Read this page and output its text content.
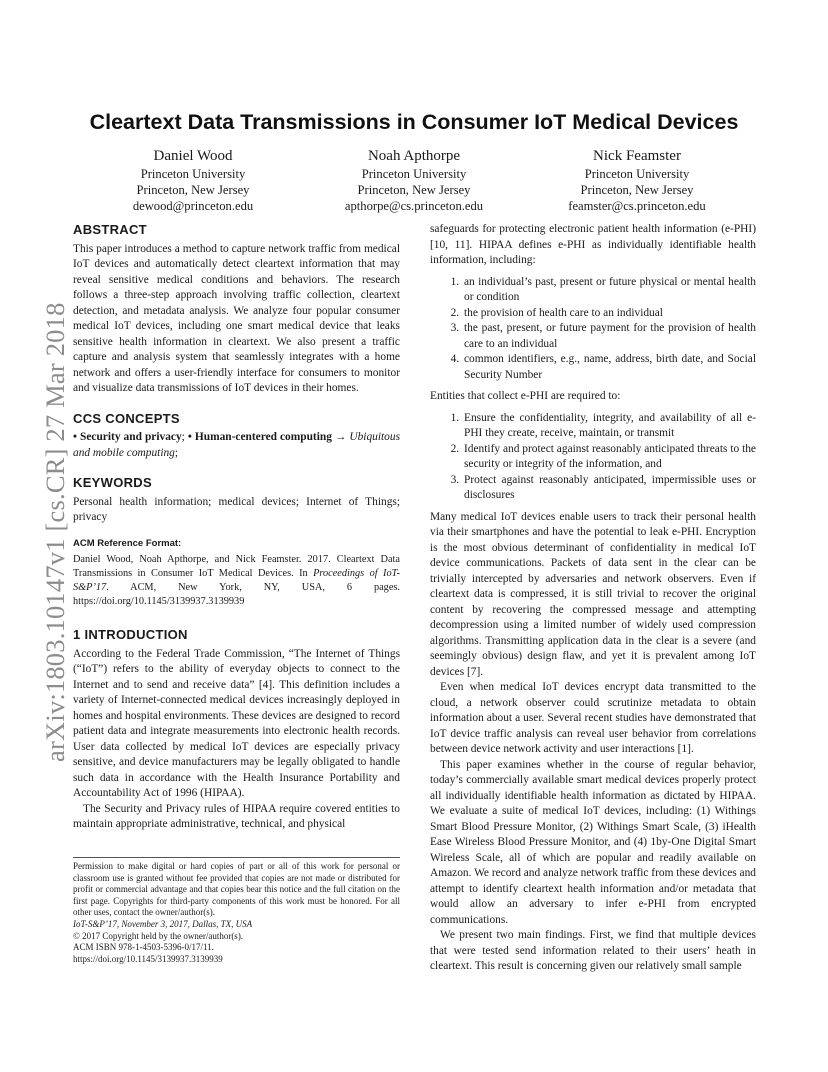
arXiv:1803.10147v1 [cs.CR] 27 Mar 2018
Cleartext Data Transmissions in Consumer IoT Medical Devices
Daniel Wood
Princeton University
Princeton, New Jersey
dewood@princeton.edu
Noah Apthorpe
Princeton University
Princeton, New Jersey
apthorpe@cs.princeton.edu
Nick Feamster
Princeton University
Princeton, New Jersey
feamster@cs.princeton.edu
ABSTRACT

This paper introduces a method to capture network traffic from medical IoT devices and automatically detect cleartext information that may reveal sensitive medical conditions and behaviors. The research follows a three-step approach involving traffic collection, cleartext detection, and metadata analysis. We analyze four popular consumer medical IoT devices, including one smart medical device that leaks sensitive health information in cleartext. We also present a traffic capture and analysis system that seamlessly integrates with a home network and offers a user-friendly interface for consumers to monitor and visualize data transmissions of IoT devices in their homes.

CCS CONCEPTS

• Security and privacy; • Human-centered computing → Ubiquitous and mobile computing;

KEYWORDS

Personal health information; medical devices; Internet of Things; privacy

ACM Reference Format:

Daniel Wood, Noah Apthorpe, and Nick Feamster. 2017. Cleartext Data Transmissions in Consumer IoT Medical Devices. In Proceedings of IoT-S&P’17. ACM, New York, NY, USA, 6 pages. https://doi.org/10.1145/3139937.3139939

1 INTRODUCTION

According to the Federal Trade Commission, “The Internet of Things (“IoT”) refers to the ability of everyday objects to connect to the Internet and to send and receive data” [4]. This definition includes a variety of Internet-connected medical devices increasingly deployed in homes and hospital environments. These devices are designed to record patient data and integrate measurements into electronic health records. User data collected by medical IoT devices are especially privacy sensitive, and device manufacturers may be legally obligated to handle such data in accordance with the Health Insurance Portability and Accountability Act of 1996 (HIPAA).

The Security and Privacy rules of HIPAA require covered entities to maintain appropriate administrative, technical, and physical

Permission to make digital or hard copies of part or all of this work for personal or classroom use is granted without fee provided that copies are not made or distributed for profit or commercial advantage and that copies bear this notice and the full citation on the first page. Copyrights for third-party components of this work must be honored. For all other uses, contact the owner/author(s).
IoT-S&P’17, November 3, 2017, Dallas, TX, USA
© 2017 Copyright held by the owner/author(s).
ACM ISBN 978-1-4503-5396-0/17/11.
https://doi.org/10.1145/3139937.3139939

safeguards for protecting electronic patient health information (e-PHI) [10, 11]. HIPAA defines e-PHI as individually identifiable health information, including:

1. an individual’s past, present or future physical or mental health or condition
2. the provision of health care to an individual
3. the past, present, or future payment for the provision of health care to an individual
4. common identifiers, e.g., name, address, birth date, and Social Security Number

Entities that collect e-PHI are required to:

1. Ensure the confidentiality, integrity, and availability of all e-PHI they create, receive, maintain, or transmit
2. Identify and protect against reasonably anticipated threats to the security or integrity of the information, and
3. Protect against reasonably anticipated, impermissible uses or disclosures

Many medical IoT devices enable users to track their personal health via their smartphones and have the potential to leak e-PHI. Encryption is the most obvious determinant of confidentiality in medical IoT device communications. Packets of data sent in the clear can be trivially intercepted by adversaries and network observers. Even if cleartext data is compressed, it is still trivial to recover the original content by recovering the compressed message and attempting decompression using a limited number of widely used compression algorithms. Transmitting application data in the clear is a severe (and seemingly obvious) design flaw, and yet it is prevalent among IoT devices [7].

Even when medical IoT devices encrypt data transmitted to the cloud, a network observer could scrutinize metadata to obtain information about a user. Several recent studies have demonstrated that IoT device traffic analysis can reveal user behavior from correlations between device network activity and user interactions [1].

This paper examines whether in the course of regular behavior, today’s commercially available smart medical devices properly protect all individually identifiable health information as dictated by HIPAA. We evaluate a suite of medical IoT devices, including: (1) Withings Smart Blood Pressure Monitor, (2) Withings Smart Scale, (3) iHealth Ease Wireless Blood Pressure Monitor, and (4) 1by-One Digital Smart Wireless Scale, all of which are popular and readily available on Amazon. We record and analyze network traffic from these devices and attempt to identify cleartext health information and/or metadata that would allow an adversary to infer e-PHI from encrypted communications.

We present two main findings. First, we find that multiple devices that were tested send information related to their users’ heath in cleartext. This result is concerning given our relatively small sample
